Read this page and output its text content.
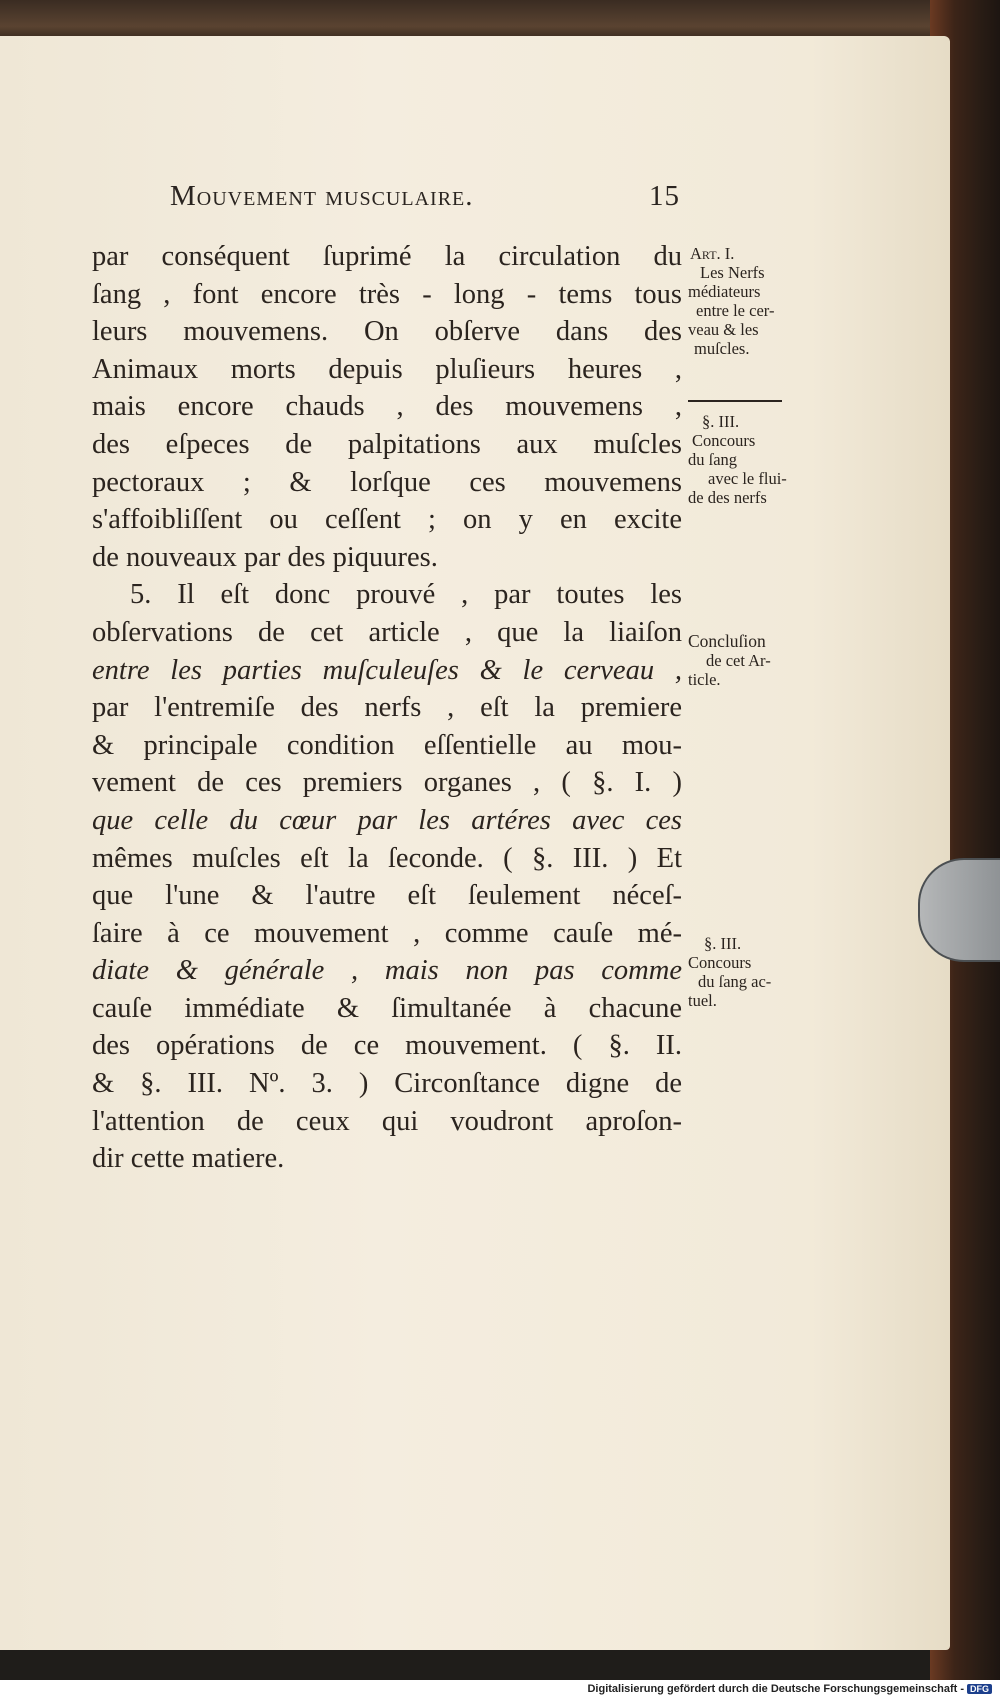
Mouvement musculaire.	15
par conséquent ſuprimé la circulation du
ſang , font encore très - long - tems tous
leurs mouvemens. On obſerve dans des
Animaux morts depuis pluſieurs heures ,
mais encore chauds , des mouvemens ,
des eſpeces de palpitations aux muſcles
pectoraux ; & lorſque ces mouvemens
s'affoibliſſent ou ceſſent ; on y en excite
de nouveaux par des piquures.
5. Il eſt donc prouvé , par toutes les
obſervations de cet article , que la liaiſon
entre les parties muſculeuſes & le cerveau ,
par l'entremiſe des nerfs , eſt la premiere
& principale condition eſſentielle au mou-
vement de ces premiers organes , ( §. I. )
que celle du cœur par les artéres avec ces
mêmes muſcles eſt la ſeconde. ( §. III. ) Et
que l'une & l'autre eſt ſeulement néceſ-
ſaire à ce mouvement , comme cauſe mé-
diate & générale , mais non pas comme
cauſe immédiate & ſimultanée à chacune
des opérations de ce mouvement. ( §. II.
& §. III. Nº. 3. ) Circonſtance digne de
l'attention de ceux qui voudront aproſon-
dir cette matiere.
Art. I.
Les Nerfs
médiateurs
entre le cer-
veau & les
muſcles.
§. III.
Concours
du ſang
avec le flui-
de des nerfs
Concluſion
de cet Ar-
ticle.
§. III.
Concours
du ſang ac-
tuel.
Digitalisierung gefördert durch die Deutsche Forschungsgemeinschaft - DFG
